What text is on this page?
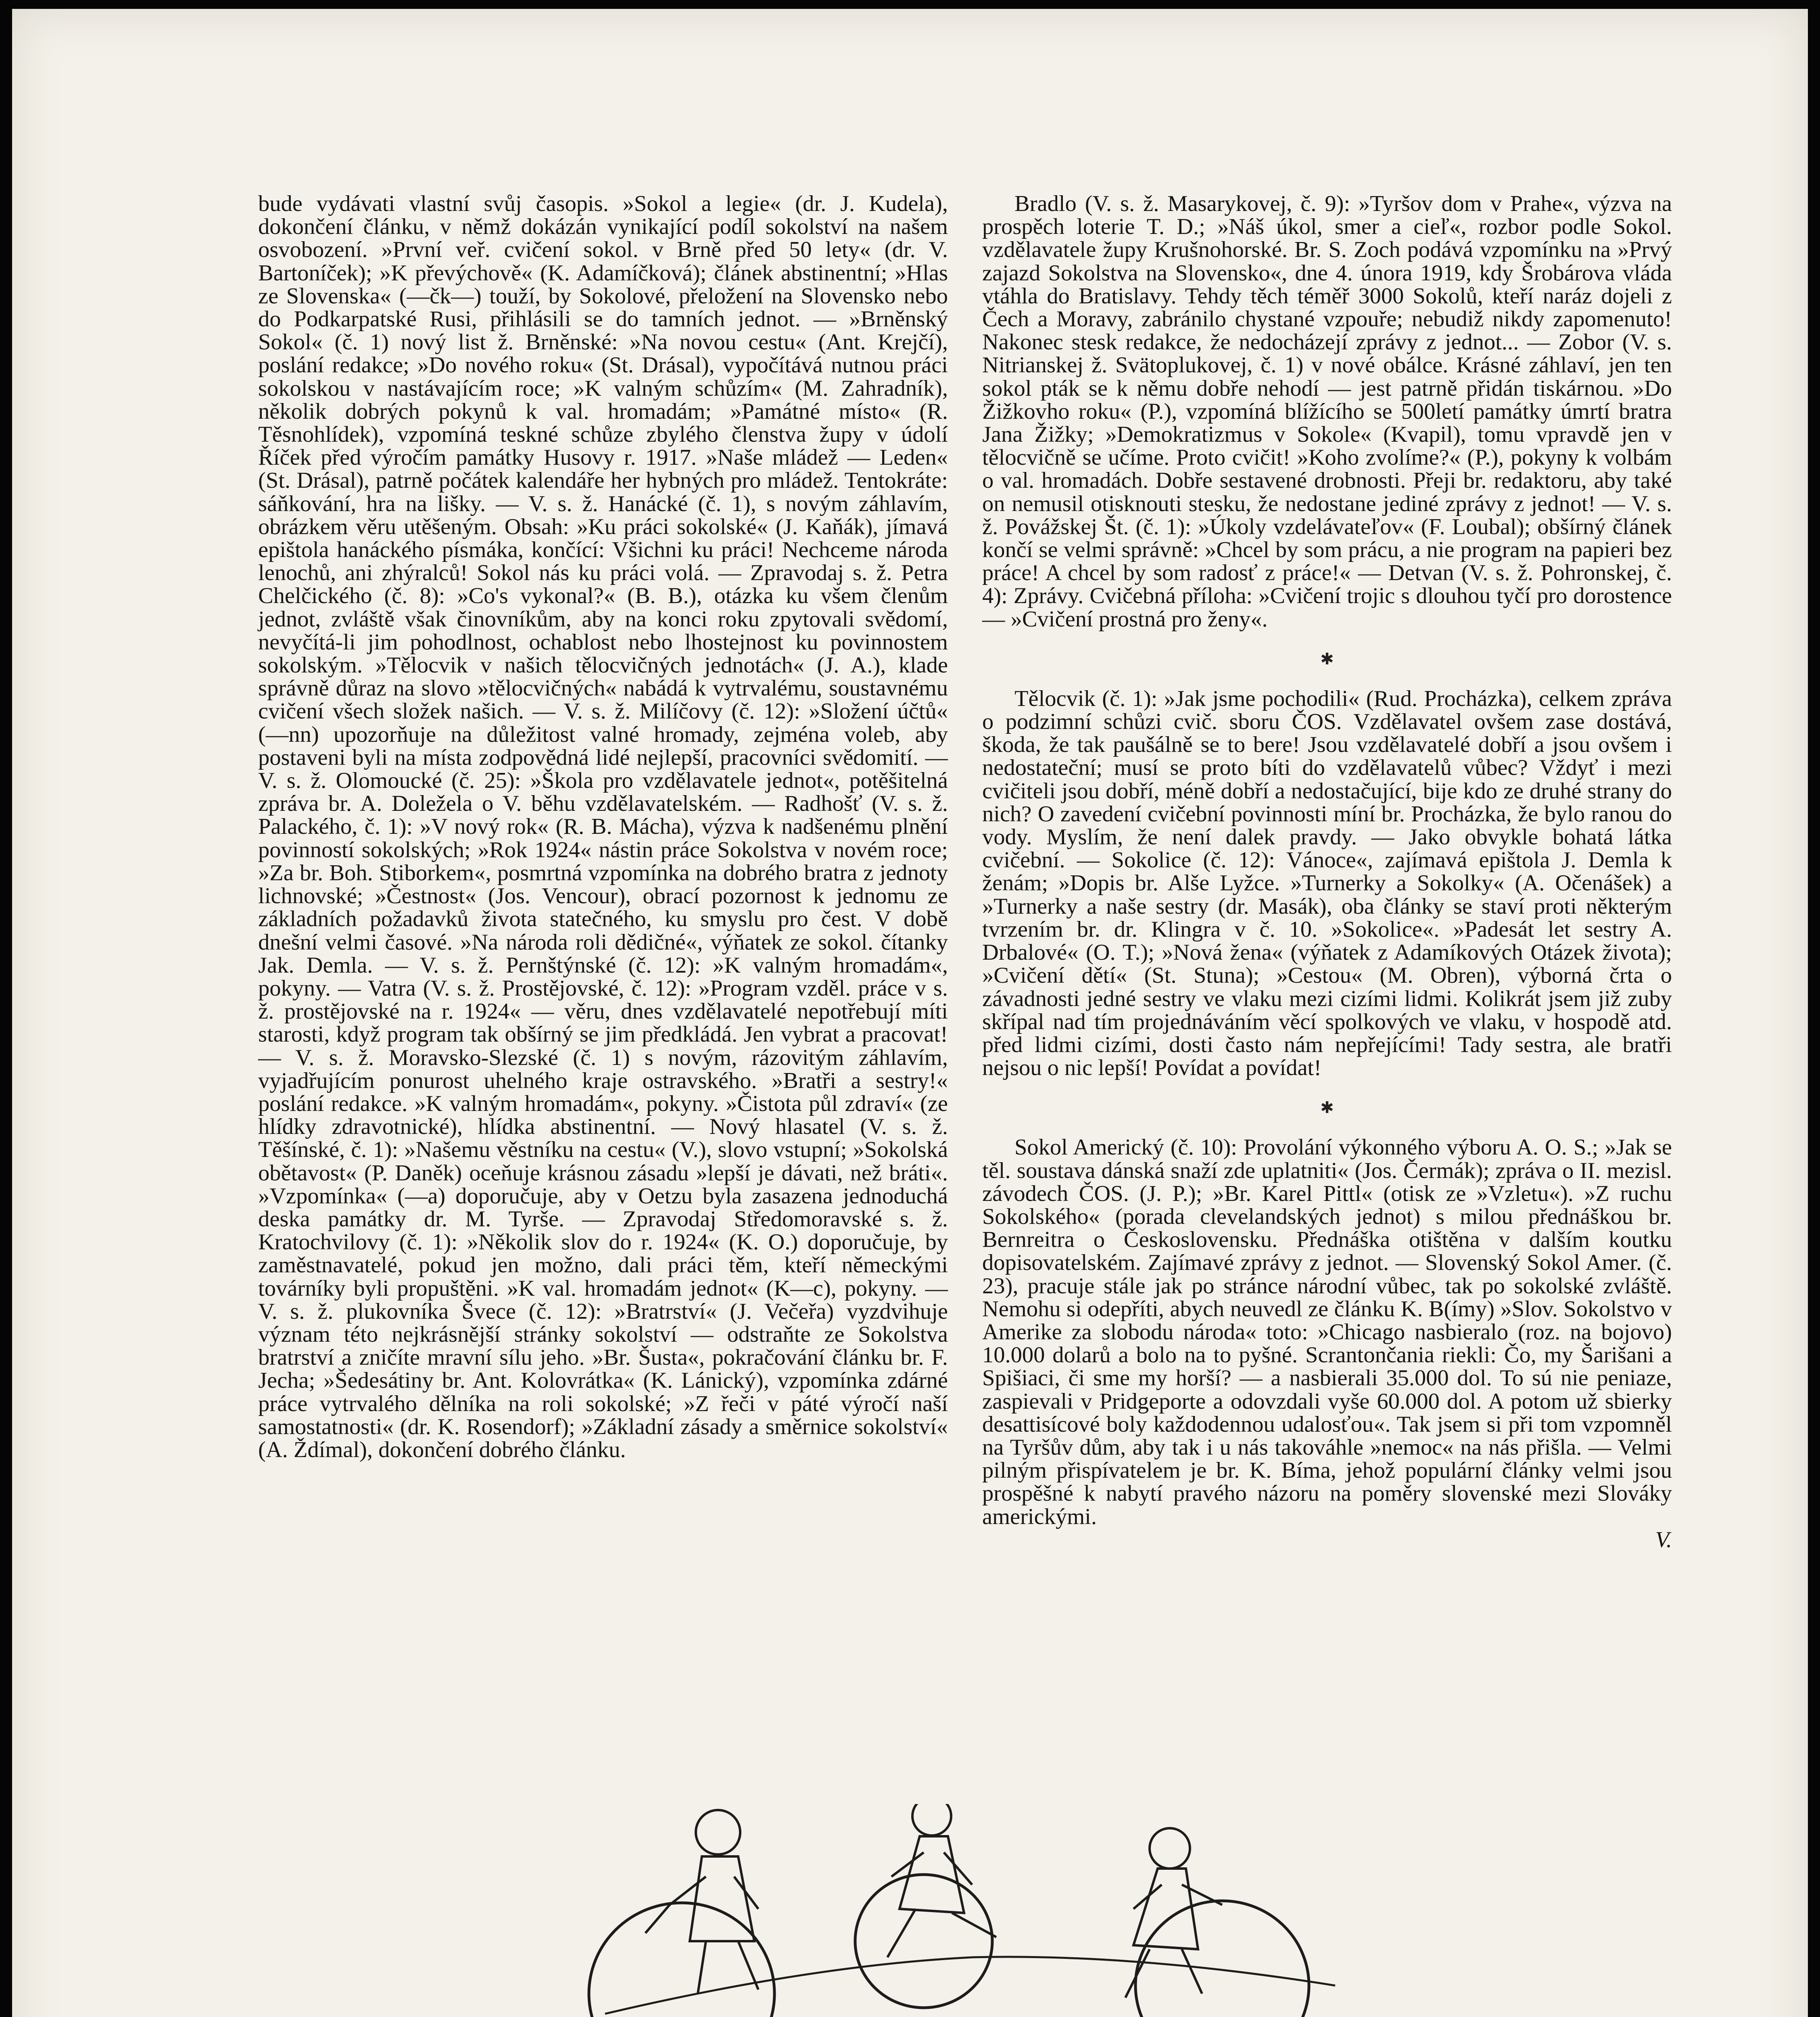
bude vydávati vlastní svůj časopis. »Sokol a legie« (dr. J. Kudela), dokončení článku, v němž dokázán vynikající podíl sokolství na našem osvobození. »První veř. cvičení sokol. v Brně před 50 lety« (dr. V. Bartoníček); »K převýchově« (K. Adamíčková); článek abstinentní; »Hlas ze Slovenska« (—čk—) touží, by Sokolové, přeložení na Slovensko nebo do Podkarpatské Rusi, přihlásili se do tamních jednot. — »Brněnský Sokol« (č. 1) nový list ž. Brněnské: »Na novou cestu« (Ant. Krejčí), poslání redakce; »Do nového roku« (St. Drásal), vypočítává nutnou práci sokolskou v nastávajícím roce; »K valným schůzím« (M. Zahradník), několik dobrých pokynů k val. hromadám; »Památné místo« (R. Těsnohlídek), vzpomíná teskné schůze zbylého členstva župy v údolí Říček před výročím památky Husovy r. 1917. »Naše mládež — Leden« (St. Drásal), patrně počátek kalendáře her hybných pro mládež. Tentokráte: sáňkování, hra na lišky. — V. s. ž. Hanácké (č. 1), s novým záhlavím, obrázkem věru utěšeným. Obsah: »Ku práci sokolské« (J. Kaňák), jímavá epištola hanáckého písmáka, končící: Všichni ku práci! Nechceme národa lenochů, ani zhýralců! Sokol nás ku práci volá. — Zpravodaj s. ž. Petra Chelčického (č. 8): »Co's vykonal?« (B. B.), otázka ku všem členům jednot, zvláště však činovníkům, aby na konci roku zpytovali svědomí, nevyčítá-li jim pohodlnost, ochablost nebo lhostejnost ku povinnostem sokolským. »Tělocvik v našich tělocvičných jednotách« (J. A.), klade správně důraz na slovo »tělocvičných« nabádá k vytrvalému, soustavnému cvičení všech složek našich. — V. s. ž. Milíčovy (č. 12): »Složení účtů« (—nn) upozorňuje na důležitost valné hromady, zejména voleb, aby postaveni byli na místa zodpovědná lidé nejlepší, pracovníci svědomití. — V. s. ž. Olomoucké (č. 25): »Škola pro vzdělavatele jednot«, potěšitelná zpráva br. A. Doležela o V. běhu vzdělavatelském. — Radhošť (V. s. ž. Palackého, č. 1): »V nový rok« (R. B. Mácha), výzva k nadšenému plnění povinností sokolských; »Rok 1924« nástin práce Sokolstva v novém roce; »Za br. Boh. Stiborkem«, posmrtná vzpomínka na dobrého bratra z jednoty lichnovské; »Čestnost« (Jos. Vencour), obrací pozornost k jednomu ze základních požadavků života statečného, ku smyslu pro čest. V době dnešní velmi časové. »Na národa roli dědičné«, výňatek ze sokol. čítanky Jak. Demla. — V. s. ž. Pernštýnské (č. 12): »K valným hromadám«, pokyny. — Vatra (V. s. ž. Prostějovské, č. 12): »Program vzděl. práce v s. ž. prostějovské na r. 1924« — věru, dnes vzdělavatelé nepotřebují míti starosti, když program tak obšírný se jim předkládá. Jen vybrat a pracovat! — V. s. ž. Moravsko-Slezské (č. 1) s novým, rázovitým záhlavím, vyjadřujícím ponurost uhelného kraje ostravského. »Bratři a sestry!« poslání redakce. »K valným hromadám«, pokyny. »Čistota půl zdraví« (ze hlídky zdravotnické), hlídka abstinentní. — Nový hlasatel (V. s. ž. Těšínské, č. 1): »Našemu věstníku na cestu« (V.), slovo vstupní; »Sokolská obětavost« (P. Daněk) oceňuje krásnou zásadu »lepší je dávati, než bráti«. »Vzpomínka« (—a) doporučuje, aby v Oetzu byla zasazena jednoduchá deska památky dr. M. Tyrše. — Zpravodaj Středomoravské s. ž. Kratochvilovy (č. 1): »Několik slov do r. 1924« (K. O.) doporučuje, by zaměstnavatelé, pokud jen možno, dali práci těm, kteří německými továrníky byli propuštěni. »K val. hromadám jednot« (K—c), pokyny. — V. s. ž. plukovníka Švece (č. 12): »Bratrství« (J. Večeřa) vyzdvihuje význam této nejkrásnější stránky sokolství — odstraňte ze Sokolstva bratrství a zničíte mravní sílu jeho. »Br. Šusta«, pokračování článku br. F. Jecha; »Šedesátiny br. Ant. Kolovrátka« (K. Lánický), vzpomínka zdárné práce vytrvalého dělníka na roli sokolské; »Z řeči v páté výročí naší samostatnosti« (dr. K. Rosendorf); »Základní zásady a směrnice sokolství« (A. Ždímal), dokončení dobrého článku.

Bradlo (V. s. ž. Masarykovej, č. 9): »Tyršov dom v Prahe«, výzva na prospěch loterie T. D.; »Náš úkol, smer a cieľ«, rozbor podle Sokol. vzdělavatele župy Krušnohorské. Br. S. Zoch podává vzpomínku na »Prvý zajazd Sokolstva na Slovensko«, dne 4. února 1919, kdy Šrobárova vláda vtáhla do Bratislavy. Tehdy těch téměř 3000 Sokolů, kteří naráz dojeli z Čech a Moravy, zabránilo chystané vzpouře; nebudiž nikdy zapomenuto! Nakonec stesk redakce, že nedocházejí zprávy z jednot... — Zobor (V. s. Nitrianskej ž. Svätoplukovej, č. 1) v nové obálce. Krásné záhlaví, jen ten sokol pták se k němu dobře nehodí — jest patrně přidán tiskárnou. »Do Žižkovho roku« (P.), vzpomíná blížícího se 500letí památky úmrtí bratra Jana Žižky; »Demokratizmus v Sokole« (Kvapil), tomu vpravdě jen v tělocvičně se učíme. Proto cvičit! »Koho zvolíme?« (P.), pokyny k volbám o val. hromadách. Dobře sestavené drobnosti. Přeji br. redaktoru, aby také on nemusil otisknouti stesku, že nedostane jediné zprávy z jednot! — V. s. ž. Povážskej Št. (č. 1): »Úkoly vzdelávateľov« (F. Loubal); obšírný článek končí se velmi správně: »Chcel by som prácu, a nie program na papieri bez práce! A chcel by som radosť z práce!« — Detvan (V. s. ž. Pohronskej, č. 4): Zprávy. Cvičebná příloha: »Cvičení trojic s dlouhou tyčí pro dorostence — »Cvičení prostná pro ženy«.

✱

Tělocvik (č. 1): »Jak jsme pochodili« (Rud. Procházka), celkem zpráva o podzimní schůzi cvič. sboru ČOS. Vzdělavatel ovšem zase dostává, škoda, že tak paušálně se to bere! Jsou vzdělavatelé dobří a jsou ovšem i nedostateční; musí se proto bíti do vzdělavatelů vůbec? Vždyť i mezi cvičiteli jsou dobří, méně dobří a nedostačující, bije kdo ze druhé strany do nich? O zavedení cvičební povinnosti míní br. Procházka, že bylo ranou do vody. Myslím, že není dalek pravdy. — Jako obvykle bohatá látka cvičební. — Sokolice (č. 12): Vánoce«, zajímavá epištola J. Demla k ženám; »Dopis br. Alše Lyžce. »Turnerky a Sokolky« (A. Očenášek) a »Turnerky a naše sestry (dr. Masák), oba články se staví proti některým tvrzením br. dr. Klingra v č. 10. »Sokolice«. »Padesát let sestry A. Drbalové« (O. T.); »Nová žena« (výňatek z Adamíkových Otázek života); »Cvičení dětí« (St. Stuna); »Cestou« (M. Obren), výborná črta o závadnosti jedné sestry ve vlaku mezi cizími lidmi. Kolikrát jsem již zuby skřípal nad tím projednáváním věcí spolkových ve vlaku, v hospodě atd. před lidmi cizími, dosti často nám nepřejícími! Tady sestra, ale bratři nejsou o nic lepší! Povídat a povídat!

✱

Sokol Americký (č. 10): Provolání výkonného výboru A. O. S.; »Jak se těl. soustava dánská snaží zde uplatniti« (Jos. Čermák); zpráva o II. mezisl. závodech ČOS. (J. P.); »Br. Karel Pittl« (otisk ze »Vzletu«). »Z ruchu Sokolského« (porada clevelandských jednot) s milou přednáškou br. Bernreitra o Československu. Přednáška otištěna v dalším koutku dopisovatelském. Zajímavé zprávy z jednot. — Slovenský Sokol Amer. (č. 23), pracuje stále jak po stránce národní vůbec, tak po sokolské zvláště. Nemohu si odepříti, abych neuvedl ze článku K. B(ímy) »Slov. Sokolstvo v Amerike za slobodu národa« toto: »Chicago nasbieralo (roz. na bojovo) 10.000 dolarů a bolo na to pyšné. Scrantončania riekli: Čo, my Šarišani a Spišiaci, či sme my horší? — a nasbierali 35.000 dol. To sú nie peniaze, zaspievali v Pridgeporte a odovzdali vyše 60.000 dol. A potom už sbierky desattisícové boly každodennou udalosťou«. Tak jsem si při tom vzpomněl na Tyršův dům, aby tak i u nás takováhle »nemoc« na nás přišla. — Velmi pilným přispívatelem je br. K. Bíma, jehož populární články velmi jsou prospěšné k nabytí pravého názoru na poměry slovenské mezi Slováky americkými.

V.
